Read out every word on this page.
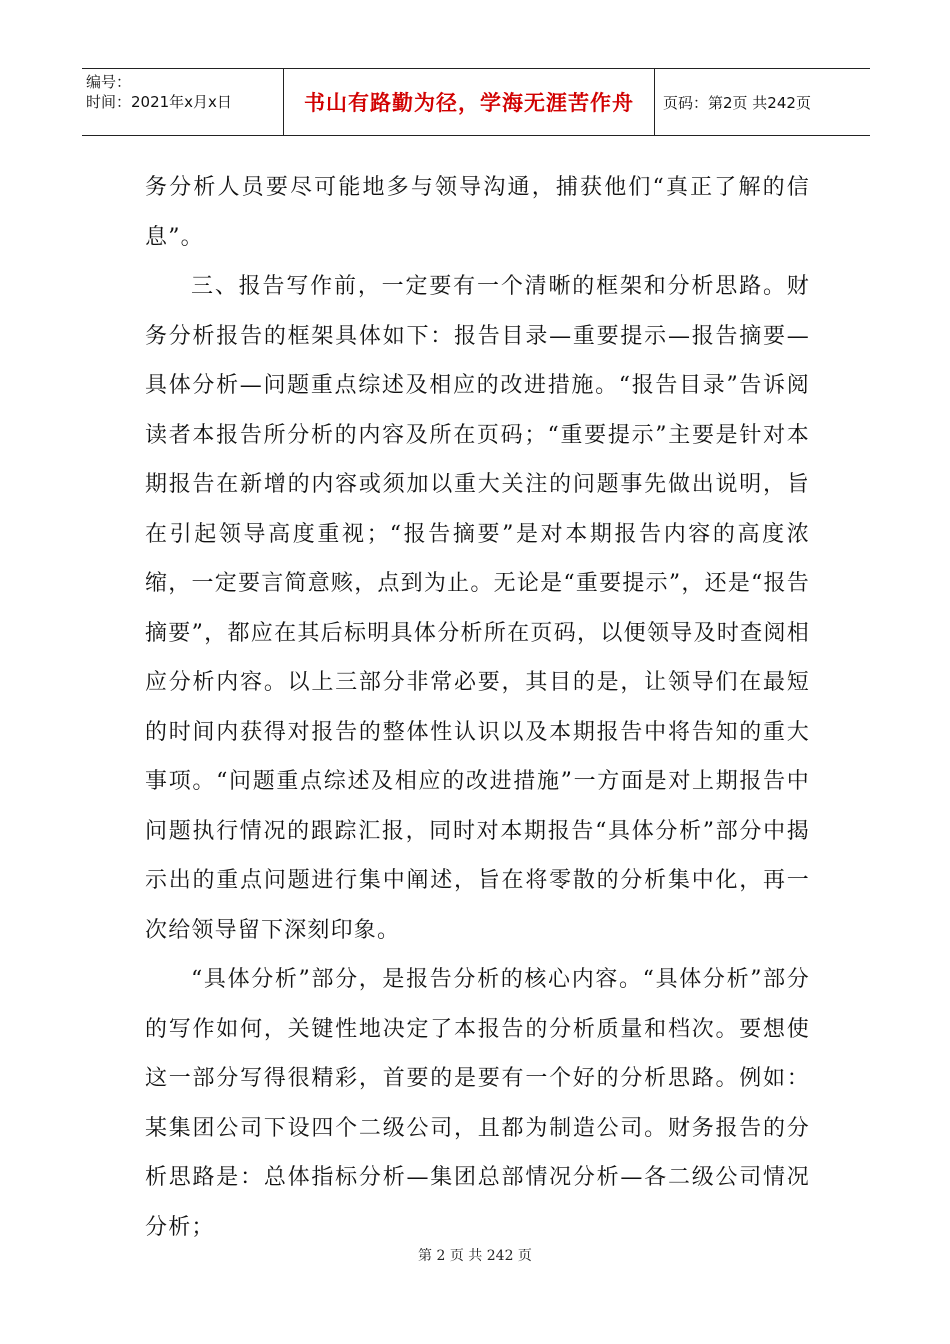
编号：
时间：2021年x月x日	书山有路勤为径，学海无涯苦作舟	页码：第2页 共242页

务分析人员要尽可能地多与领导沟通，捕获他们“真正了解的信息”。

三、报告写作前，一定要有一个清晰的框架和分析思路。财务分析报告的框架具体如下：报告目录—重要提示—报告摘要—具体分析—问题重点综述及相应的改进措施。“报告目录”告诉阅读者本报告所分析的内容及所在页码；“重要提示”主要是针对本期报告在新增的内容或须加以重大关注的问题事先做出说明，旨在引起领导高度重视；“报告摘要”是对本期报告内容的高度浓缩，一定要言简意赅，点到为止。无论是“重要提示”，还是“报告摘要”，都应在其后标明具体分析所在页码，以便领导及时查阅相应分析内容。以上三部分非常必要，其目的是，让领导们在最短的时间内获得对报告的整体性认识以及本期报告中将告知的重大事项。“问题重点综述及相应的改进措施”一方面是对上期报告中问题执行情况的跟踪汇报，同时对本期报告“具体分析”部分中揭示出的重点问题进行集中阐述，旨在将零散的分析集中化，再一次给领导留下深刻印象。

“具体分析”部分，是报告分析的核心内容。“具体分析”部分的写作如何，关键性地决定了本报告的分析质量和档次。要想使这一部分写得很精彩，首要的是要有一个好的分析思路。例如：某集团公司下设四个二级公司，且都为制造公司。财务报告的分析思路是：总体指标分析—集团总部情况分析—各二级公司情况分析；

第 2 页 共 242 页
